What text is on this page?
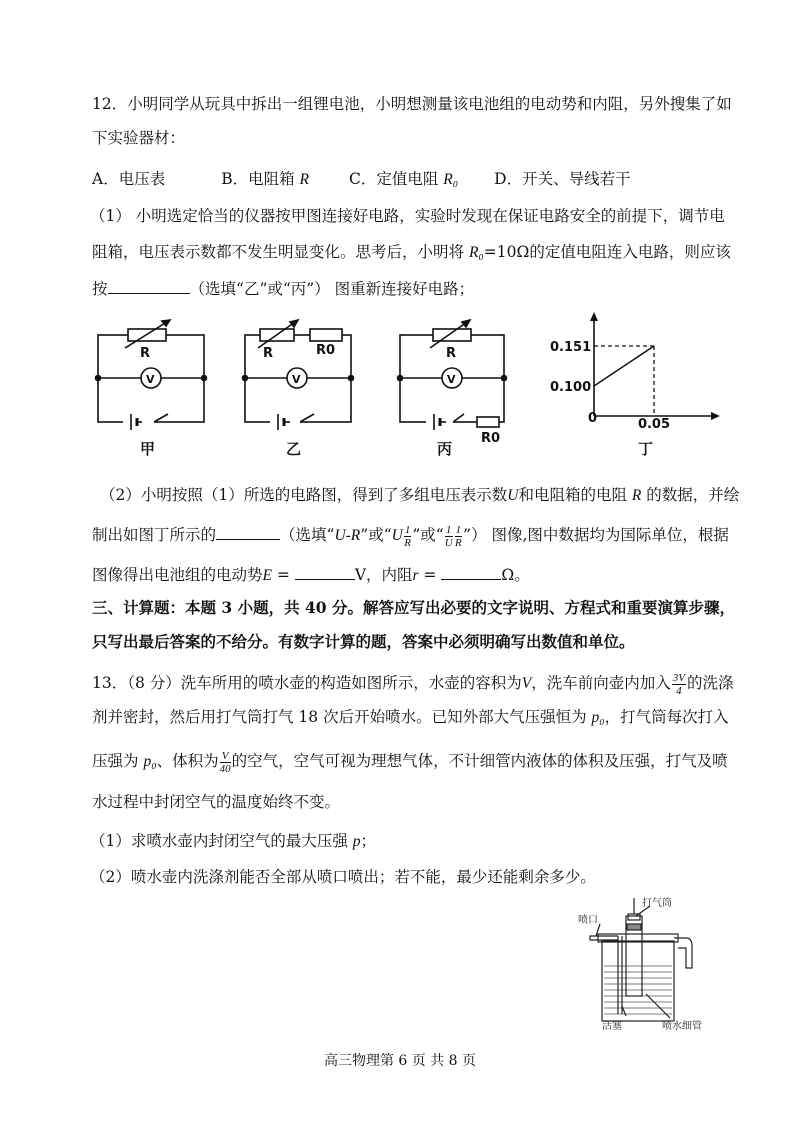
12．小明同学从玩具中拆出一组锂电池，小明想测量该电池组的电动势和内阻，另外搜集了如
下实验器材：
A．电压表	B．电阻箱 R	C．定值电阻 R₀ D．开关、导线若干
（1） 小明选定恰当的仪器按甲图连接好电路，实验时发现在保证电路安全的前提下，调节电
阻箱，电压表示数都不发生明显变化。思考后，小明将 R₀=10Ω的定值电阻连入电路，则应该
按	（选填“乙”或“丙”） 图重新连接好电路；
R	R	R0	R
R0
V	V	V
0.151
0.100
0	0.05
甲	乙	丙	丁
（2）小明按照（1）所选的电路图，得到了多组电压表示数U和电阻箱的电阻 R 的数据，并绘
制出如图丁所示的	（选填“U-R”或“$U \frac{1}{R}$ ”或“ $\frac{1}{U} \frac{1}{R}$ ”） 图像,图中数据均为国际单位，根据
图像得出电池组的电动势E =	V，内阻r =	Ω。
三、计算题：本题 3 小题，共 40 分。解答应写出必要的文字说明、方程式和重要演算步骤，
只写出最后答案的不给分。有数字计算的题，答案中必须明确写出数值和单位。
13．（8 分）洗车所用的喷水壶的构造如图所示，水壶的容积为V，洗车前向壶内加入 $\frac{3V}{4}$ 的洗涤
剂并密封，然后用打气筒打气 18 次后开始喷水。已知外部大气压强恒为 p₀，打气筒每次打入
压强为 p₀、体积为 $\frac{V}{40}$ 的空气，空气可视为理想气体，不计细管内液体的体积及压强，打气及喷
水过程中封闭空气的温度始终不变。
（1）求喷水壶内封闭空气的最大压强 p；
（2）喷水壶内洗涤剂能否全部从喷口喷出；若不能，最少还能剩余多少。
喷口
打气筒
活塞	喷水细管
高三物理第 6 页 共 8 页
